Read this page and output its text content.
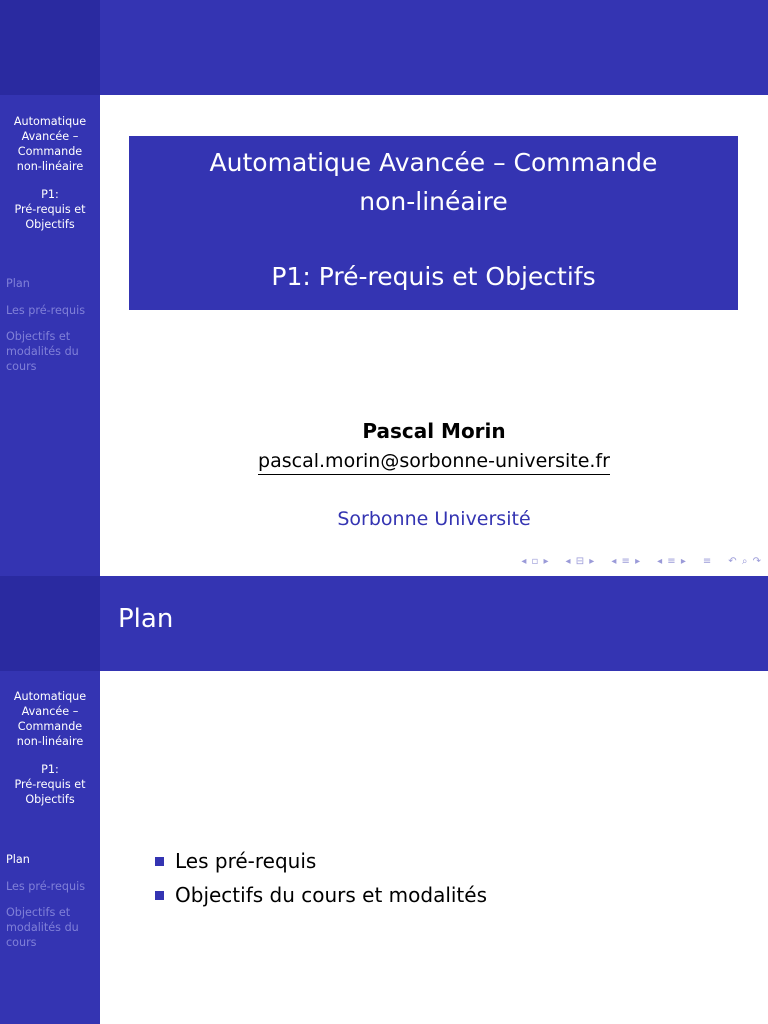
Automatique
Avancée –
Commande
non-linéaire
P1:
Pré-requis et
Objectifs
Plan
Les pré-requis
Objectifs et
modalités du
cours
Automatique Avancée – Commande
non-linéaire
P1: Pré-requis et Objectifs
Pascal Morin
pascal.morin@sorbonne-universite.fr
Sorbonne Université
◂ ▫ ▸ ◂ ⊟ ▸ ◂ ≡ ▸ ◂ ≡ ▸ ≡ ↶ ⌕ ↷
Plan
Automatique
Avancée –
Commande
non-linéaire
P1:
Pré-requis et
Objectifs
Plan
Les pré-requis
Objectifs et
modalités du
cours
Les pré-requis
Objectifs du cours et modalités
